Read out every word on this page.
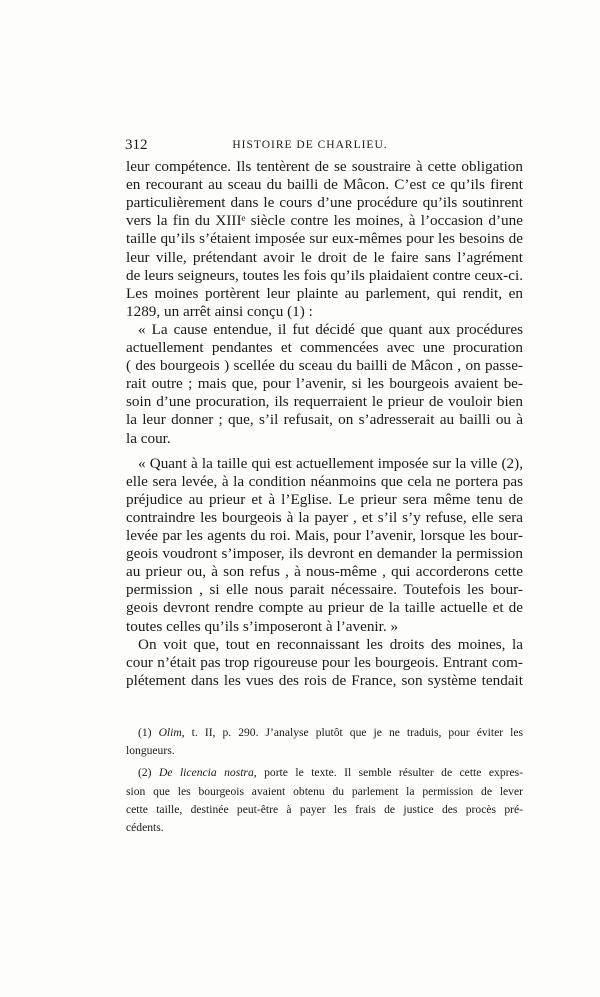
312	HISTOIRE DE CHARLIEU.
leur compétence. Ils tentèrent de se soustraire à cette obligation
en recourant au sceau du bailli de Mâcon. C’est ce qu’ils firent
particulièrement dans le cours d’une procédure qu’ils soutinrent
vers la fin du XIIIᵉ siècle contre les moines, à l’occasion d’une
taille qu’ils s’étaient imposée sur eux-mêmes pour les besoins de
leur ville, prétendant avoir le droit de le faire sans l’agrément
de leurs seigneurs, toutes les fois qu’ils plaidaient contre ceux-ci.
Les moines portèrent leur plainte au parlement, qui rendit, en
1289, un arrêt ainsi conçu (1) :
« La cause entendue, il fut décidé que quant aux procédures
actuellement pendantes et commencées avec une procuration
( des bourgeois ) scellée du sceau du bailli de Mâcon , on passe-
rait outre ; mais que, pour l’avenir, si les bourgeois avaient be-
soin d’une procuration, ils requerraient le prieur de vouloir bien
la leur donner ; que, s’il refusait, on s’adresserait au bailli ou à
la cour.
« Quant à la taille qui est actuellement imposée sur la ville (2),
elle sera levée, à la condition néanmoins que cela ne portera pas
préjudice au prieur et à l’Eglise. Le prieur sera même tenu de
contraindre les bourgeois à la payer , et s’il s’y refuse, elle sera
levée par les agents du roi. Mais, pour l’avenir, lorsque les bour-
geois voudront s’imposer, ils devront en demander la permission
au prieur ou, à son refus , à nous-même , qui accorderons cette
permission , si elle nous parait nécessaire. Toutefois les bour-
geois devront rendre compte au prieur de la taille actuelle et de
toutes celles qu’ils s’imposeront à l’avenir. »
On voit que, tout en reconnaissant les droits des moines, la
cour n’était pas trop rigoureuse pour les bourgeois. Entrant com-
plétement dans les vues des rois de France, son système tendait
(1) Olim, t. II, p. 290. J’analyse plutôt que je ne traduis, pour éviter les
longueurs.
(2) De licencia nostra, porte le texte. Il semble résulter de cette expres-
sion que les bourgeois avaient obtenu du parlement la permission de lever
cette taille, destinée peut-être à payer les frais de justice des procès pré-
cédents.
